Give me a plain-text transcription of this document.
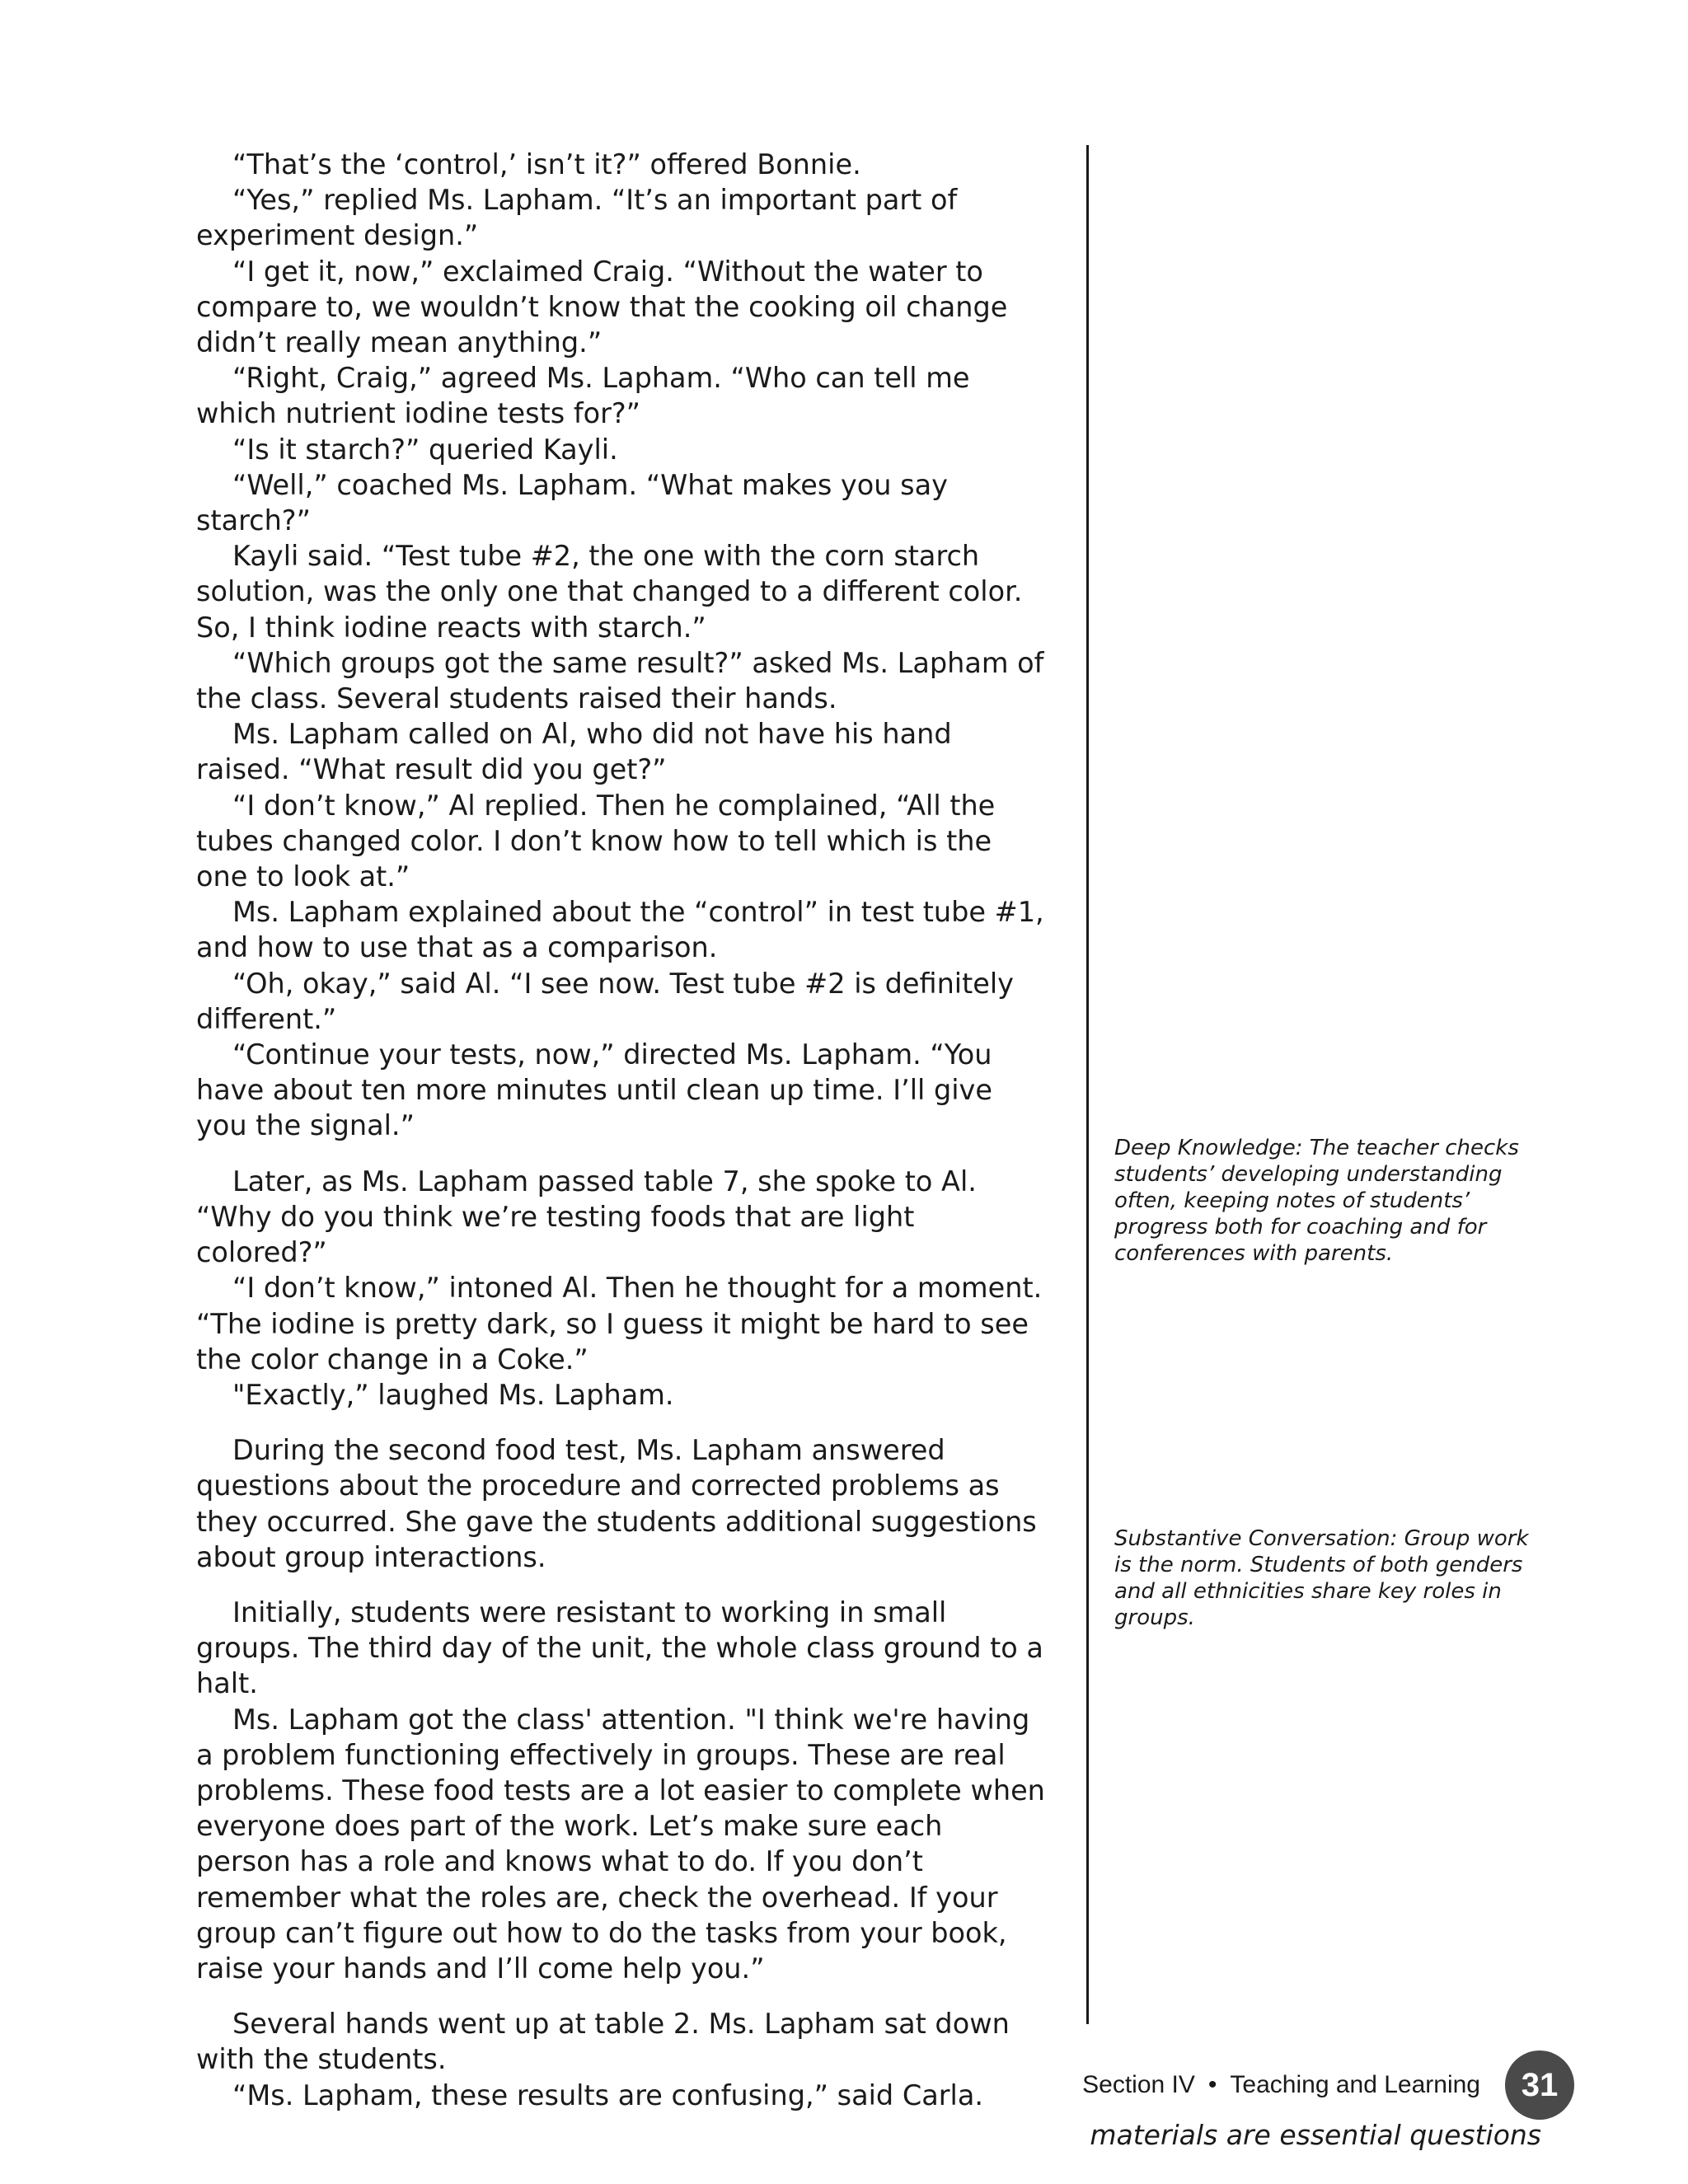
“That’s the ‘control,’ isn’t it?” offered Bonnie.

“Yes,” replied Ms. Lapham. “It’s an important part of experiment design.”

“I get it, now,” exclaimed Craig. “Without the water to compare to, we wouldn’t know that the cooking oil change didn’t really mean anything.”

“Right, Craig,” agreed Ms. Lapham. “Who can tell me which nutrient iodine tests for?”

“Is it starch?” queried Kayli.

“Well,” coached Ms. Lapham. “What makes you say starch?”

Kayli said. “Test tube #2, the one with the corn starch solution, was the only one that changed to a different color. So, I think iodine reacts with starch.”

“Which groups got the same result?” asked Ms. Lapham of the class. Several students raised their hands.

Ms. Lapham called on Al, who did not have his hand raised. “What result did you get?”

“I don’t know,” Al replied. Then he complained, “All the tubes changed color. I don’t know how to tell which is the one to look at.”

Ms. Lapham explained about the “control” in test tube #1, and how to use that as a comparison.

“Oh, okay,” said Al. “I see now. Test tube #2 is definitely different.”

“Continue your tests, now,” directed Ms. Lapham. “You have about ten more minutes until clean up time. I’ll give you the signal.”

Later, as Ms. Lapham passed table 7, she spoke to Al. “Why do you think we’re testing foods that are light colored?”

“I don’t know,” intoned Al. Then he thought for a moment. “The iodine is pretty dark, so I guess it might be hard to see the color change in a Coke.”

"Exactly,” laughed Ms. Lapham.

During the second food test, Ms. Lapham answered questions about the procedure and corrected problems as they occurred. She gave the students additional suggestions about group interactions.

Initially, students were resistant to working in small groups. The third day of the unit, the whole class ground to a halt.

Ms. Lapham got the class' attention. "I think we're having a problem functioning effectively in groups. These are real problems. These food tests are a lot easier to complete when everyone does part of the work. Let’s make sure each person has a role and knows what to do. If you don’t remember what the roles are, check the overhead. If your group can’t figure out how to do the tasks from your book, raise your hands and I’ll come help you.”

Several hands went up at table 2. Ms. Lapham sat down with the students.

“Ms. Lapham, these results are confusing,” said Carla.

Deep Knowledge: The teacher checks students’ developing understanding often, keeping notes of students’ progress both for coaching and for conferences with parents.
Substantive Conversation: Group work is the norm. Students of both genders and all ethnicities share key roles in groups.
Section IV • Teaching and Learning	31
materials are essential questions
